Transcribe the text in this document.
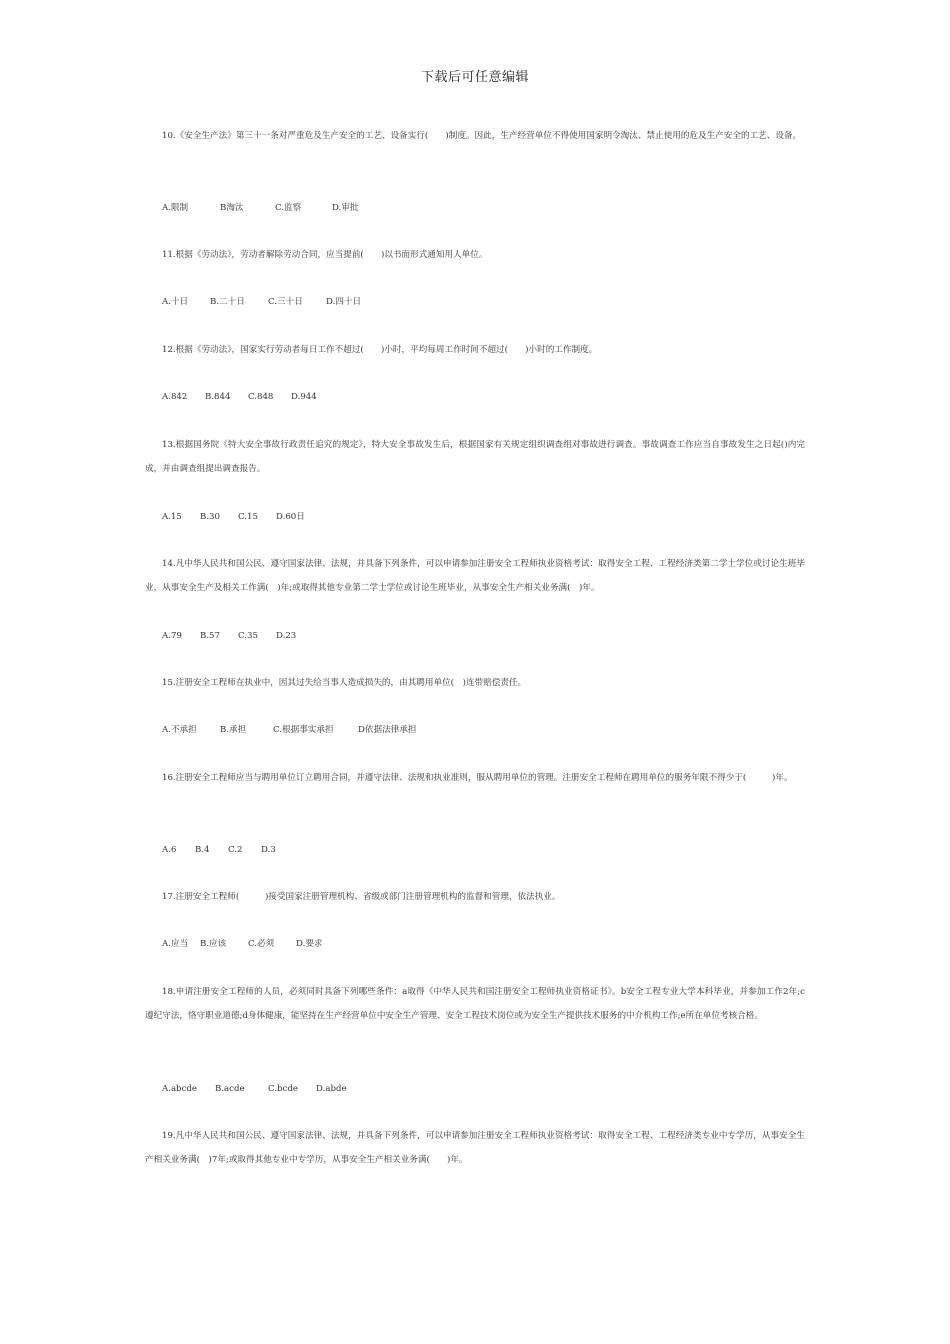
下载后可任意编辑
10.《安全生产法》第三十一条对严重危及生产安全的工艺、设备实行(　　)制度。因此，生产经营单位不得使用国家明令淘汰、禁止使用的危及生产安全的工艺、设备。
A.限制	B淘汰	C.监察	D.审批
11.根据《劳动法》，劳动者解除劳动合同，应当提前(　　)以书面形式通知用人单位。
A.十日	B.二十日	C.三十日	D.四十日
12.根据《劳动法》，国家实行劳动者每日工作不超过(　　)小时，平均每周工作时间不超过(　　)小时的工作制度。
A.842 B.844 C.848 D.944
13.根据国务院《特大安全事故行政责任追究的规定》，特大安全事故发生后，根据国家有关规定组织调查组对事故进行调查。事故调查工作应当自事故发生之日起()内完成，并由调查组提出调查报告。
A.15 B.30 C.15 D.60日
14.凡中华人民共和国公民、遵守国家法律、法规，并具备下列条件，可以申请参加注册安全工程师执业资格考试：取得安全工程、工程经济类第二学士学位或讨论生班毕业，从事安全生产及相关工作满(　)年;或取得其他专业第二学士学位或讨论生班毕业，从事安全生产相关业务满(　)年。
A.79 B.57 C.35 D.23
15.注册安全工程师在执业中，因其过失给当事人造成损失的，由其聘用单位(　)连带赔偿责任。
A.不承担	B.承担	C.根据事实承担	D依据法律承担
16.注册安全工程师应当与聘用单位订立聘用合同，并遵守法律、法规和执业准则，服从聘用单位的管理。注册安全工程师在聘用单位的服务年限不得少于(　　　)年。
A.6 B.4 C.2 D.3
17.注册安全工程师(　　　)接受国家注册管理机构、省级或部门注册管理机构的监督和管理，依法执业。
A.应当 B.应该	C.必须	D.要求
18.申请注册安全工程师的人员，必须同时具备下列哪些条件：a取得《中华人民共和国注册安全工程师执业资格证书》。b安全工程专业大学本科毕业，并参加工作2年;c遵纪守法，恪守职业道德;d身体健康，能坚持在生产经营单位中安全生产管理、安全工程技术岗位或为安全生产提供技术服务的中介机构工作;e所在单位考核合格。
A.abcde B.acde	C.bcde D.abde
19.凡中华人民共和国公民、遵守国家法律、法规，并具备下列条件，可以申请参加注册安全工程师执业资格考试：取得安全工程、工程经济类专业中专学历，从事安全生产相关业务满(　)7年;或取得其他专业中专学历，从事安全生产相关业务满(　　)年。
